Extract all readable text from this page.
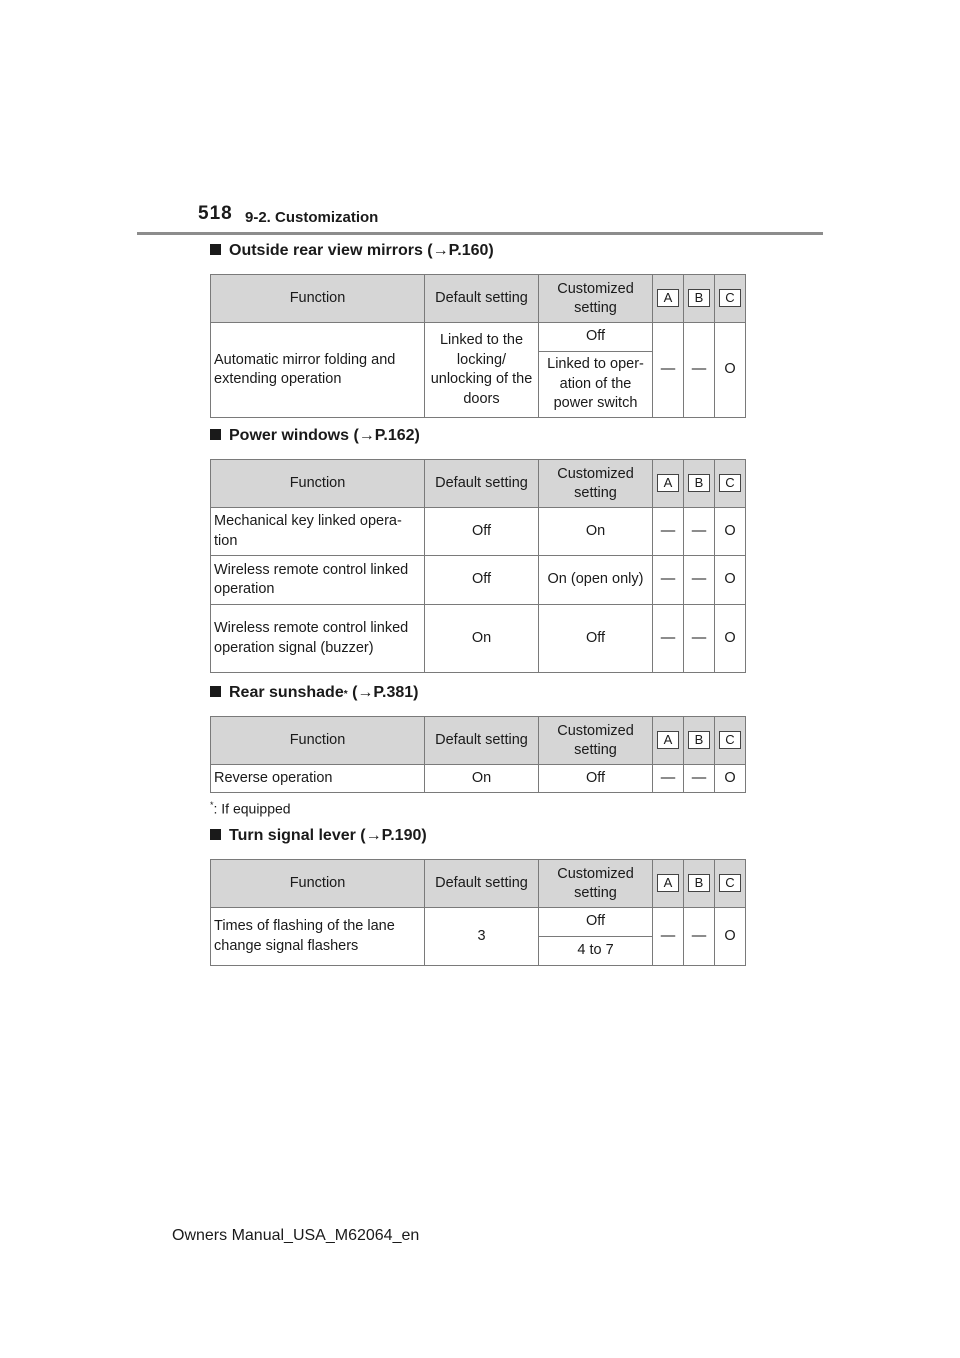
518 9-2. Customization
Outside rear view mirrors ( → P.160)
Function	Default setting	Customized setting	A	B	C
Automatic mirror folding and extending operation	Linked to the locking/ unlocking of the doors	Off	—	—	O
		Linked to oper- ation of the power switch			
Power windows ( → P.162)
Function	Default setting	Customized setting	A	B	C
Mechanical key linked opera- tion	Off	On	—	—	O
Wireless remote control linked operation	Off	On (open only)	—	—	O
Wireless remote control linked operation signal (buzzer)	On	Off	—	—	O
Rear sunshade * ( → P.381)
Function	Default setting	Customized setting	A	B	C
Reverse operation	On	Off	—	—	O
*: If equipped
Turn signal lever ( → P.190)
Function	Default setting	Customized setting	A	B	C
Times of flashing of the lane change signal flashers	3	Off	—	—	O
		4 to 7			
Owners Manual_USA_M62064_en
